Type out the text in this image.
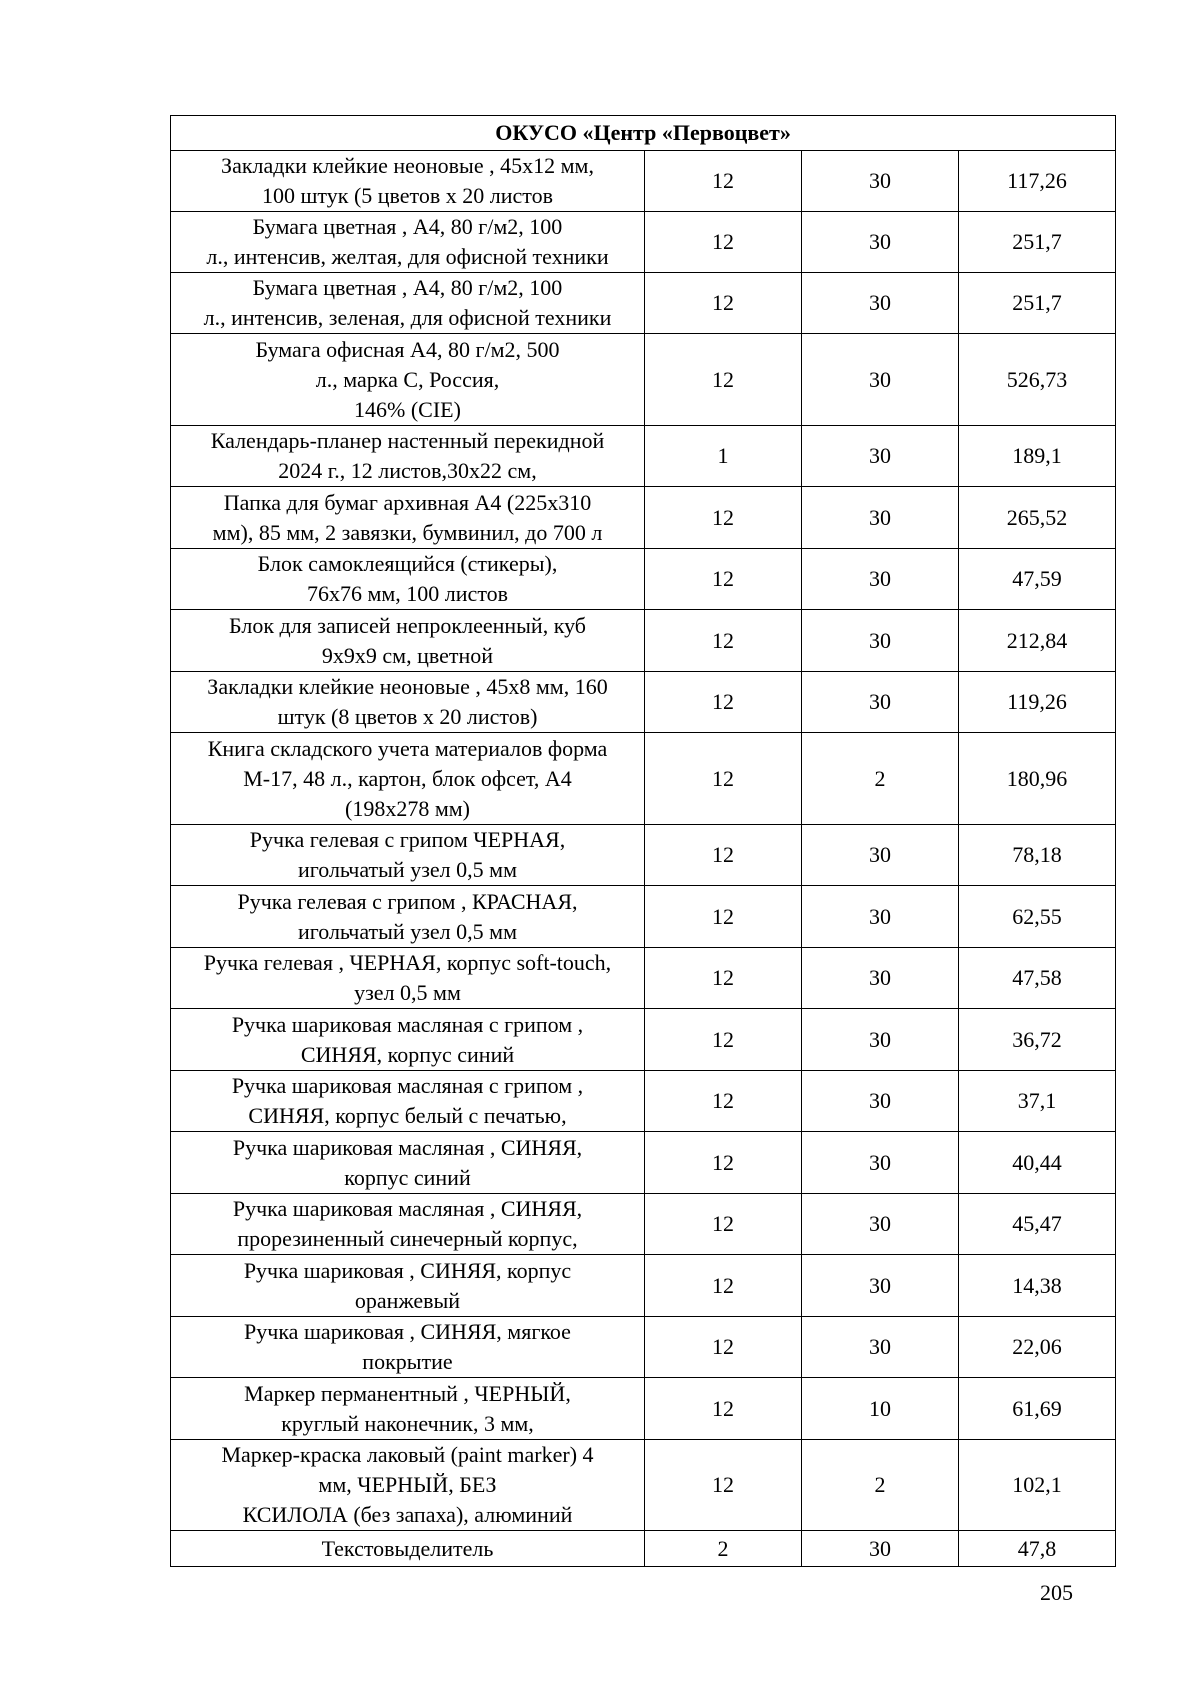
ОКУСО «Центр «Первоцвет»			
Закладки клейкие неоновые , 45х12 мм,
100 штук (5 цветов х 20 листов	12	30	117,26
Бумага цветная , А4, 80 г/м2, 100
л., интенсив, желтая, для офисной техники	12	30	251,7
Бумага цветная , А4, 80 г/м2, 100
л., интенсив, зеленая, для офисной техники	12	30	251,7
Бумага офисная А4, 80 г/м2, 500
л., марка С, Россия,
146% (CIE)	12	30	526,73
Календарь-планер настенный перекидной
2024 г., 12 листов,30х22 см,	1	30	189,1
Папка для бумаг архивная А4 (225х310
мм), 85 мм, 2 завязки, бумвинил, до 700 л	12	30	265,52
Блок самоклеящийся (стикеры),
76х76 мм, 100 листов	12	30	47,59
Блок для записей непроклеенный, куб
9х9х9 см, цветной	12	30	212,84
Закладки клейкие неоновые , 45х8 мм, 160
штук (8 цветов х 20 листов)	12	30	119,26
Книга складского учета материалов форма
М-17, 48 л., картон, блок офсет, А4
(198х278 мм)	12	2	180,96
Ручка гелевая с грипом ЧЕРНАЯ,
игольчатый узел 0,5 мм	12	30	78,18
Ручка гелевая с грипом , КРАСНАЯ,
игольчатый узел 0,5 мм	12	30	62,55
Ручка гелевая , ЧЕРНАЯ, корпус soft-touch,
узел 0,5 мм	12	30	47,58
Ручка шариковая масляная с грипом ,
СИНЯЯ, корпус синий	12	30	36,72
Ручка шариковая масляная с грипом ,
СИНЯЯ, корпус белый с печатью,	12	30	37,1
Ручка шариковая масляная , СИНЯЯ,
корпус синий	12	30	40,44
Ручка шариковая масляная , СИНЯЯ,
прорезиненный синечерный корпус,	12	30	45,47
Ручка шариковая , СИНЯЯ, корпус
оранжевый	12	30	14,38
Ручка шариковая , СИНЯЯ, мягкое
покрытие	12	30	22,06
Маркер перманентный , ЧЕРНЫЙ,
круглый наконечник, 3 мм,	12	10	61,69
Маркер-краска лаковый (paint marker) 4
мм, ЧЕРНЫЙ, БЕЗ
КСИЛОЛА (без запаха), алюминий	12	2	102,1
Текстовыделитель	2	30	47,8
205
